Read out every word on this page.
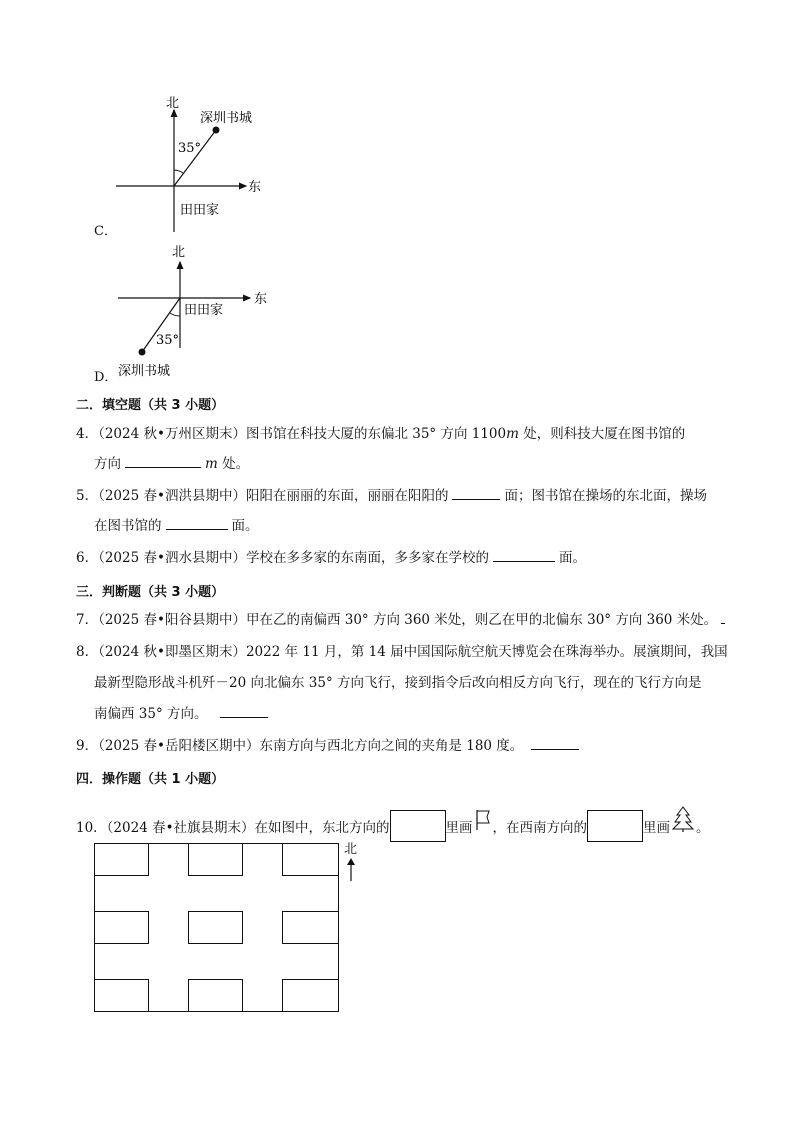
北
东
35°
深圳书城
田田家
C．
北
东
35°
田田家
深圳书城
D．
二．填空题（共 3 小题）
4．（2024 秋•万州区期末）图书馆在科技大厦的东偏北 35° 方向 1100m 处，则科技大厦在图书馆的
方向	m 处。
5．（2025 春•泗洪县期中）阳阳在丽丽的东面，丽丽在阳阳的	面；图书馆在操场的东北面，操场
在图书馆的	面。
6．（2025 春•泗水县期中）学校在多多家的东南面，多多家在学校的	面。
三．判断题（共 3 小题）
7．（2025 春•阳谷县期中）甲在乙的南偏西 30° 方向 360 米处，则乙在甲的北偏东 30° 方向 360 米处。
8．（2024 秋•即墨区期末）2022 年 11 月，第 14 届中国国际航空航天博览会在珠海举办。展演期间，我国
最新型隐形战斗机歼－20 向北偏东 35° 方向飞行，接到指令后改向相反方向飞行，现在的飞行方向是
南偏西 35° 方向。
9．（2025 春•岳阳楼区期中）东南方向与西北方向之间的夹角是 180 度。
四．操作题（共 1 小题）
10．（2024 春•社旗县期末）在如图中，东北方向的	里画 ，在西南方向的	里画 。
北
